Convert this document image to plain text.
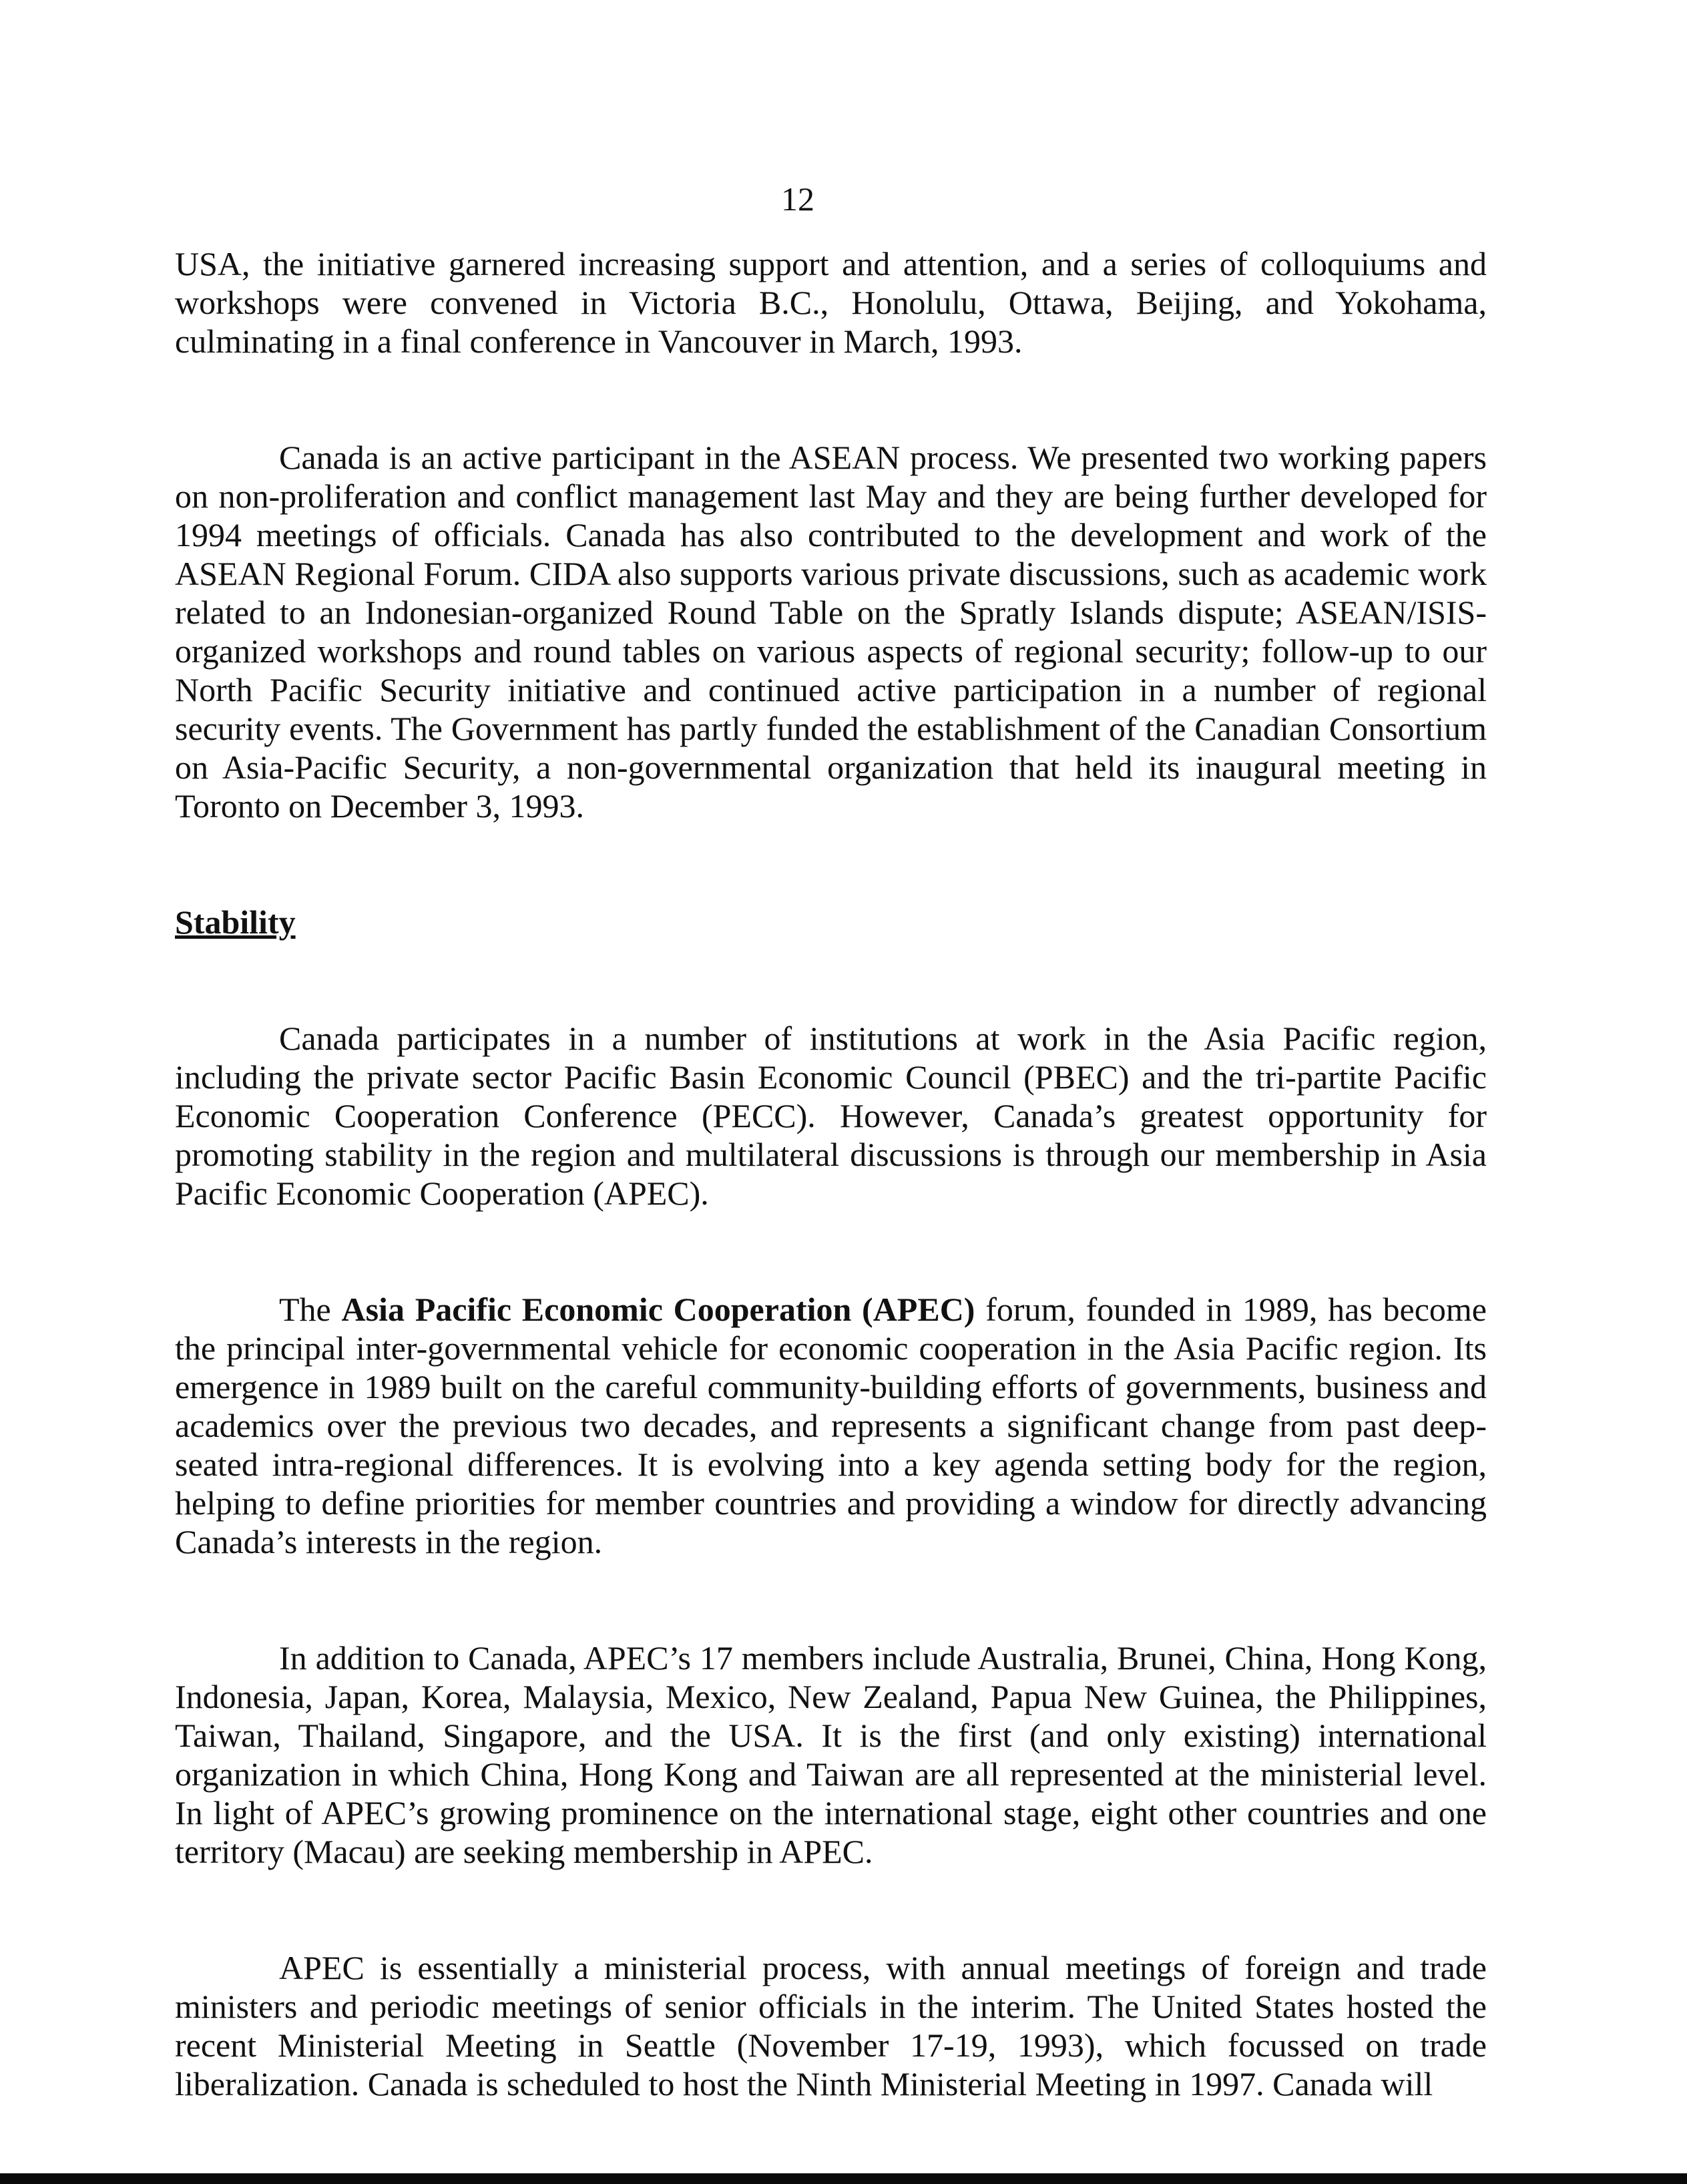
12

USA, the initiative garnered increasing support and attention, and a series of colloquiums and workshops were convened in Victoria B.C., Honolulu, Ottawa, Beijing, and Yokohama, culminating in a final conference in Vancouver in March, 1993.

Canada is an active participant in the ASEAN process. We presented two working papers on non-proliferation and conflict management last May and they are being further developed for 1994 meetings of officials. Canada has also contributed to the development and work of the ASEAN Regional Forum. CIDA also supports various private discussions, such as academic work related to an Indonesian-organized Round Table on the Spratly Islands dispute; ASEAN/ISIS-organized workshops and round tables on various aspects of regional security; follow-up to our North Pacific Security initiative and continued active participation in a number of regional security events. The Government has partly funded the establishment of the Canadian Consortium on Asia-Pacific Security, a non-governmental organization that held its inaugural meeting in Toronto on December 3, 1993.

Stability

Canada participates in a number of institutions at work in the Asia Pacific region, including the private sector Pacific Basin Economic Council (PBEC) and the tri-partite Pacific Economic Cooperation Conference (PECC). However, Canada’s greatest opportunity for promoting stability in the region and multilateral discussions is through our membership in Asia Pacific Economic Cooperation (APEC).

The Asia Pacific Economic Cooperation (APEC) forum, founded in 1989, has become the principal inter-governmental vehicle for economic cooperation in the Asia Pacific region. Its emergence in 1989 built on the careful community-building efforts of governments, business and academics over the previous two decades, and represents a significant change from past deep-seated intra-regional differences. It is evolving into a key agenda setting body for the region, helping to define priorities for member countries and providing a window for directly advancing Canada’s interests in the region.

In addition to Canada, APEC’s 17 members include Australia, Brunei, China, Hong Kong, Indonesia, Japan, Korea, Malaysia, Mexico, New Zealand, Papua New Guinea, the Philippines, Taiwan, Thailand, Singapore, and the USA. It is the first (and only existing) international organization in which China, Hong Kong and Taiwan are all represented at the ministerial level. In light of APEC’s growing prominence on the international stage, eight other countries and one territory (Macau) are seeking membership in APEC.

APEC is essentially a ministerial process, with annual meetings of foreign and trade ministers and periodic meetings of senior officials in the interim. The United States hosted the recent Ministerial Meeting in Seattle (November 17-19, 1993), which focussed on trade liberalization. Canada is scheduled to host the Ninth Ministerial Meeting in 1997. Canada will
